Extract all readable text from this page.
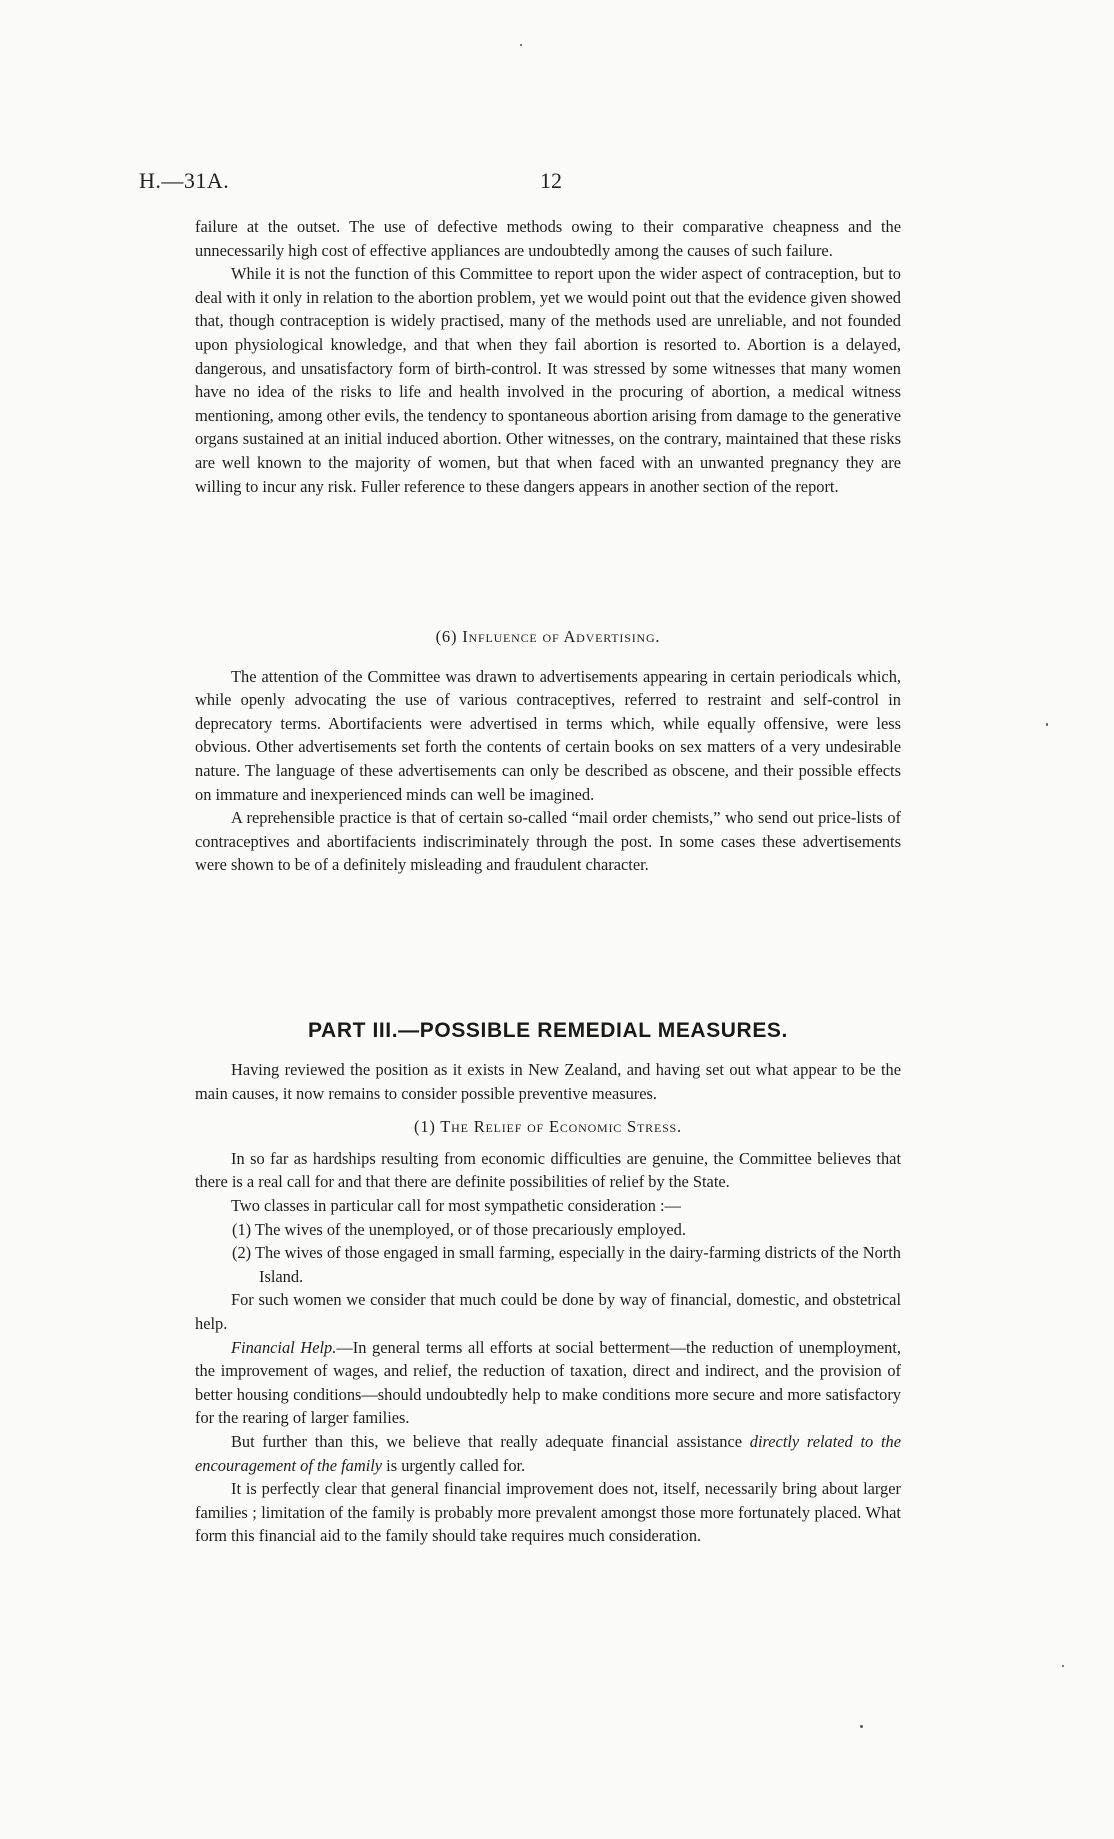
H.—31A.	12

failure at the outset. The use of defective methods owing to their comparative cheapness and the unnecessarily high cost of effective appliances are undoubtedly among the causes of such failure.

While it is not the function of this Committee to report upon the wider aspect of contraception, but to deal with it only in relation to the abortion problem, yet we would point out that the evidence given showed that, though contraception is widely practised, many of the methods used are unreliable, and not founded upon physiological knowledge, and that when they fail abortion is resorted to. Abortion is a delayed, dangerous, and unsatisfactory form of birth-control. It was stressed by some witnesses that many women have no idea of the risks to life and health involved in the procuring of abortion, a medical witness mentioning, among other evils, the tendency to spontaneous abortion arising from damage to the generative organs sustained at an initial induced abortion. Other witnesses, on the contrary, maintained that these risks are well known to the majority of women, but that when faced with an unwanted pregnancy they are willing to incur any risk. Fuller reference to these dangers appears in another section of the report.

(6) Influence of Advertising.

The attention of the Committee was drawn to advertisements appearing in certain periodicals which, while openly advocating the use of various contraceptives, referred to restraint and self-control in deprecatory terms. Abortifacients were advertised in terms which, while equally offensive, were less obvious. Other advertisements set forth the contents of certain books on sex matters of a very undesirable nature. The language of these advertisements can only be described as obscene, and their possible effects on immature and inexperienced minds can well be imagined.

A reprehensible practice is that of certain so-called “mail order chemists,” who send out price-lists of contraceptives and abortifacients indiscriminately through the post. In some cases these advertisements were shown to be of a definitely misleading and fraudulent character.

PART III.—POSSIBLE REMEDIAL MEASURES.

Having reviewed the position as it exists in New Zealand, and having set out what appear to be the main causes, it now remains to consider possible preventive measures.

(1) The Relief of Economic Stress.

In so far as hardships resulting from economic difficulties are genuine, the Committee believes that there is a real call for and that there are definite possibilities of relief by the State.

Two classes in particular call for most sympathetic consideration :—

(1) The wives of the unemployed, or of those precariously employed.

(2) The wives of those engaged in small farming, especially in the dairy-farming districts of the North Island.

For such women we consider that much could be done by way of financial, domestic, and obstetrical help.

Financial Help.—In general terms all efforts at social betterment—the reduction of unemployment, the improvement of wages, and relief, the reduction of taxation, direct and indirect, and the provision of better housing conditions—should undoubtedly help to make conditions more secure and more satisfactory for the rearing of larger families.

But further than this, we believe that really adequate financial assistance directly related to the encouragement of the family is urgently called for.

It is perfectly clear that general financial improvement does not, itself, necessarily bring about larger families ; limitation of the family is probably more prevalent amongst those more fortunately placed. What form this financial aid to the family should take requires much consideration.
